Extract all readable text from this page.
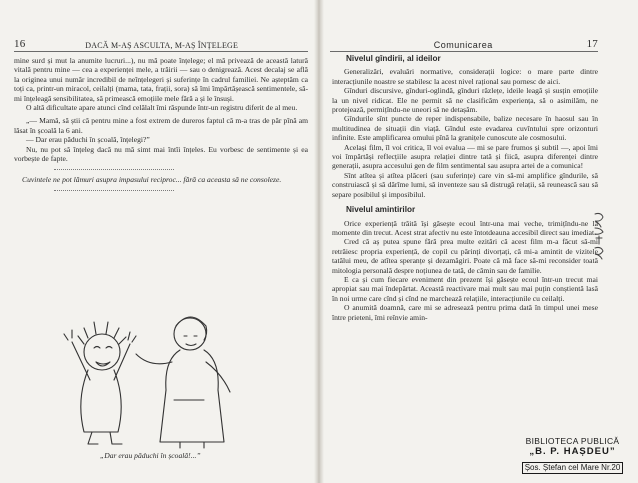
16	DACĂ M-AȘ ASCULTA, M-AȘ ÎNȚELEGE

mine surd și mut la anumite lucruri...), nu mă poate înțelege; el mă privează de această latură vitală pentru mine — cea a experienței mele, a trăirii — sau o denigrează. Acest decalaj se află la originea unui număr incredibil de neînțelegeri și suferințe în cadrul familiei. Ne așteptăm ca toți ca, printr-un miracol, ceilalți (mama, tata, frații, sora) să îmi împărtășească sentimentele, să-mi înțeleagă sensibilitatea, să primească emoțiile mele fără a și le însuși.

O altă dificultate apare atunci cînd celălalt îmi răspunde într-un registru diferit de al meu.

„— Mamă, să știi că pentru mine a fost extrem de dureros faptul că m-a tras de păr pînă am lăsat în școală la 6 ani.

— Dar erau păduchi în școală, înțelegi?”

Nu, nu pot să înțeleg dacă nu mă simt mai întîi înțeles. Eu vorbesc de sentimente și ea vorbește de fapte.

Cuvintele ne pot lămuri asupra impasului reciproc... fără ca aceasta să ne consoleze.

„Dar erau păduchi în școală!...”
Comunicarea	17
Nivelul gîndirii, al ideilor

Generalizări, evaluări normative, considerații logice: o mare parte dintre interacțiunile noastre se stabilesc la acest nivel rațional sau pornesc de aici.

Gînduri discursive, gînduri-oglindă, gînduri răzlețe, ideile leagă și susțin emoțiile la un nivel ridicat. Ele ne permit să ne clasificăm experiența, să o asimilăm, ne protejează, permițîndu-ne uneori să ne detașăm.

Gîndurile sînt puncte de reper indispensabile, balize necesare în haosul sau în multitudinea de situații din viață. Gîndul este evadarea cuvîntului spre orizonturi infinite. Este amplificarea omului pînă la granițele cunoscute ale cosmosului.

Același film, îl voi critica, îl voi evalua — mi se pare frumos și subtil —, apoi îmi voi împărtăși reflecțiile asupra relației dintre tată și fiică, asupra diferenței dintre generații, asupra accesului gen de film sentimental sau asupra artei de a comunica!

Sînt atîtea și atîtea plăceri (sau suferințe) care vin să-mi amplifice gîndurile, să construiască și să dărîme lumi, să inventeze sau să distrugă relații, să reunească sau să separe posibilul și imposibilul.

Nivelul amintirilor

Orice experiență trăită își găsește ecoul într-una mai veche, trimițîndu-ne la momente din trecut. Acest strat afectiv nu este întotdeauna accesibil direct sau imediat.

Cred că aș putea spune fără prea multe ezitări că acest film m-a făcut să-mi retrăiesc propria experiență, de copil cu părinți divorțați, că mi-a amintit de vizitele tatălui meu, de atîtea speranțe și dezamăgiri. Poate că mă face să-mi reconsider toată mitologia personală despre noțiunea de tată, de cămin sau de familie.

E ca și cum fiecare eveniment din prezent își găsește ecoul într-un trecut mai apropiat sau mai îndepărtat. Această reactivare mai mult sau mai puțin conștientă lasă în noi urme care cînd și cînd ne marchează relațiile, interacțiunile cu ceilalți.

O anumită doamnă, care mi se adresează pentru prima dată în timpul unei mese între prieteni, îmi reînvie amin-

BIBLIOTECA PUBLICĂ
„B. P. HAȘDEU”
Șos. Ștefan cel Mare Nr.20
